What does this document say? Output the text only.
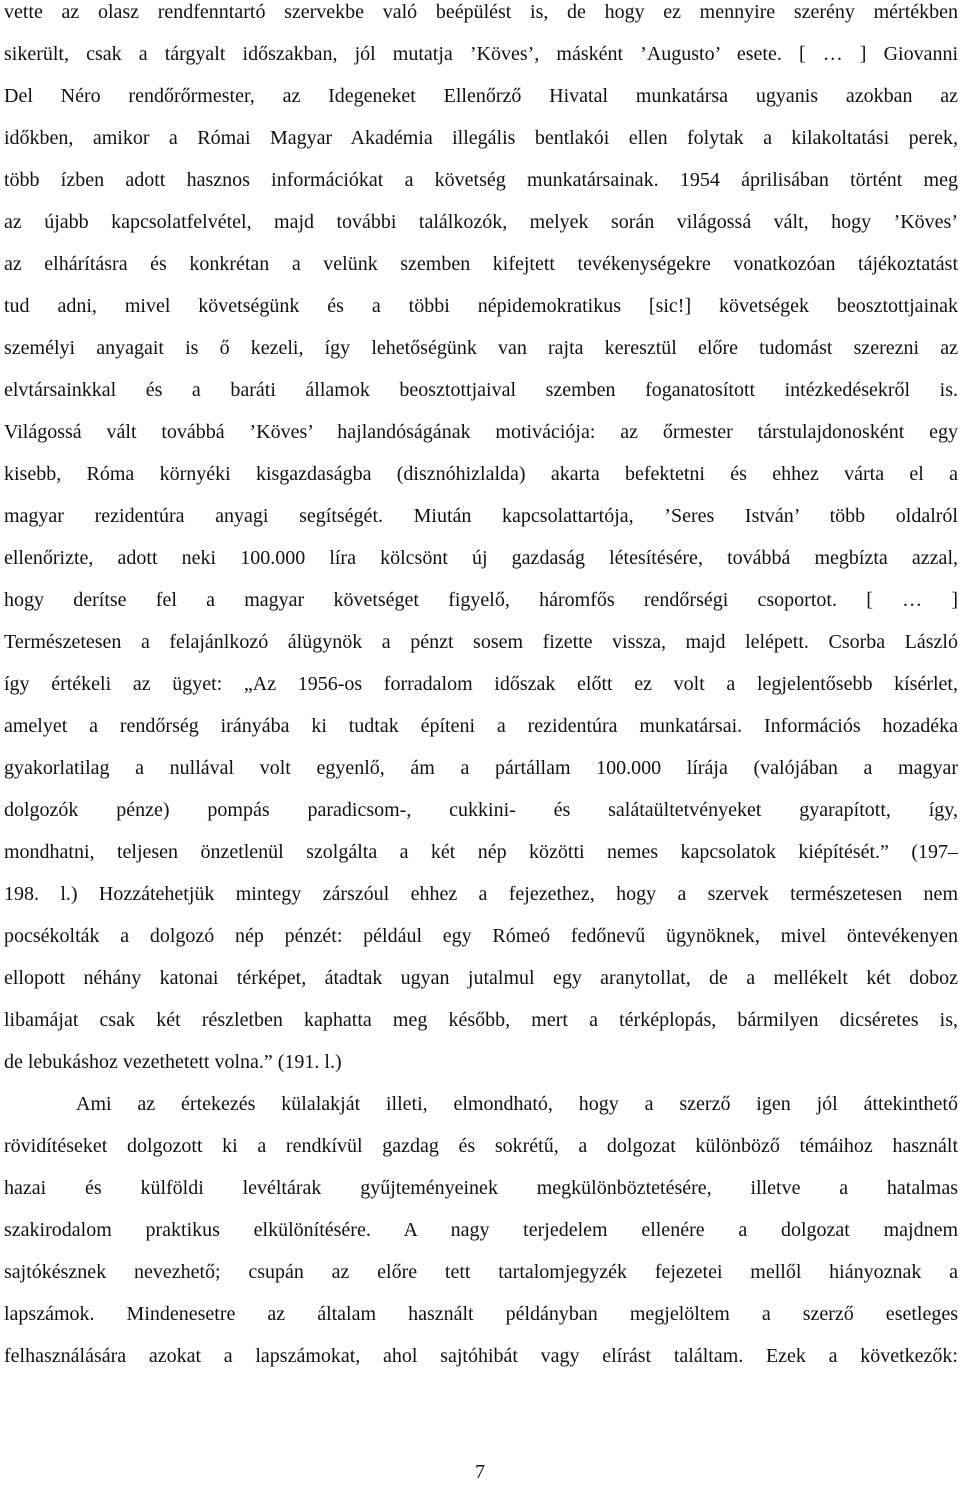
vette az olasz rendfenntartó szervekbe való beépülést is, de hogy ez mennyire szerény mértékben
sikerült, csak a tárgyalt időszakban, jól mutatja ’Köves’, másként ’Augusto’ esete. [ … ] Giovanni
Del Néro rendőrőrmester, az Idegeneket Ellenőrző Hivatal munkatársa ugyanis azokban az
időkben, amikor a Római Magyar Akadémia illegális bentlakói ellen folytak a kilakoltatási perek,
több ízben adott hasznos információkat a követség munkatársainak. 1954 áprilisában történt meg
az újabb kapcsolatfelvétel, majd további találkozók, melyek során világossá vált, hogy ’Köves’
az elhárításra és konkrétan a velünk szemben kifejtett tevékenységekre vonatkozóan tájékoztatást
tud adni, mivel követségünk és a többi népidemokratikus [sic!] követségek beosztottjainak
személyi anyagait is ő kezeli, így lehetőségünk van rajta keresztül előre tudomást szerezni az
elvtársainkkal és a baráti államok beosztottjaival szemben foganatosított intézkedésekről is.
Világossá vált továbbá ’Köves’ hajlandóságának motivációja: az őrmester társtulajdonosként egy
kisebb, Róma környéki kisgazdaságba (disznóhizlalda) akarta befektetni és ehhez várta el a
magyar rezidentúra anyagi segítségét. Miután kapcsolattartója, ’Seres István’ több oldalról
ellenőrizte, adott neki 100.000 líra kölcsönt új gazdaság létesítésére, továbbá megbízta azzal,
hogy derítse fel a magyar követséget figyelő, háromfős rendőrségi csoportot. [ … ]
Természetesen a felajánlkozó álügynök a pénzt sosem fizette vissza, majd lelépett. Csorba László
így értékeli az ügyet: „Az 1956-os forradalom időszak előtt ez volt a legjelentősebb kísérlet,
amelyet a rendőrség irányába ki tudtak építeni a rezidentúra munkatársai. Információs hozadéka
gyakorlatilag a nullával volt egyenlő, ám a pártállam 100.000 lírája (valójában a magyar
dolgozók pénze) pompás paradicsom-, cukkini- és salátaültetvényeket gyarapított, így,
mondhatni, teljesen önzetlenül szolgálta a két nép közötti nemes kapcsolatok kiépítését.” (197–
198. l.) Hozzátehetjük mintegy zárszóul ehhez a fejezethez, hogy a szervek természetesen nem
pocsékolták a dolgozó nép pénzét: például egy Rómeó fedőnevű ügynöknek, mivel öntevékenyen
ellopott néhány katonai térképet, átadtak ugyan jutalmul egy aranytollat, de a mellékelt két doboz
libamájat csak két részletben kaphatta meg később, mert a térképlopás, bármilyen dicséretes is,
de lebukáshoz vezethetett volna.” (191. l.)
Ami az értekezés külalakját illeti, elmondható, hogy a szerző igen jól áttekinthető
rövidítéseket dolgozott ki a rendkívül gazdag és sokrétű, a dolgozat különböző témáihoz használt
hazai és külföldi levéltárak gyűjteményeinek megkülönböztetésére, illetve a hatalmas
szakirodalom praktikus elkülönítésére. A nagy terjedelem ellenére a dolgozat majdnem
sajtókésznek nevezhető; csupán az előre tett tartalomjegyzék fejezetei mellől hiányoznak a
lapszámok. Mindenesetre az általam használt példányban megjelöltem a szerző esetleges
felhasználására azokat a lapszámokat, ahol sajtóhibát vagy elírást találtam. Ezek a következők:
7
